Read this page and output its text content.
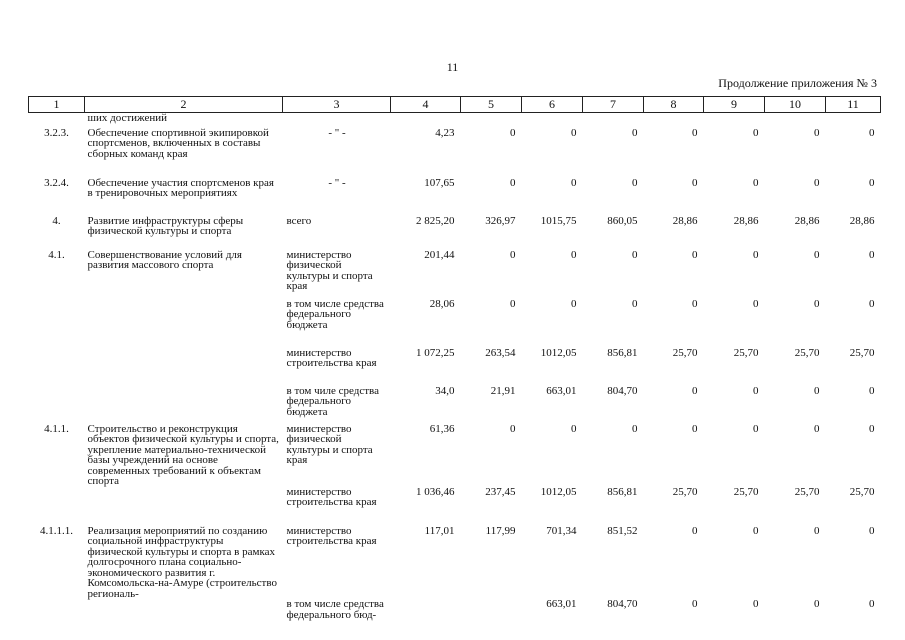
11
Продолжение приложения № 3
1	2	3	4	5	6	7	8	9	10	11
	ших достижений									
3.2.3.	Обеспечение спортивной экипировкой спортсменов, включенных в составы сборных команд края	- " -	4,23	0	0	0	0	0	0	0
3.2.4.	Обеспечение участия спортсменов края в тренировочных мероприятиях	- " -	107,65	0	0	0	0	0	0	0
4.	Развитие инфраструктуры сферы физической культуры и спорта	всего	2 825,20	326,97	1015,75	860,05	28,86	28,86	28,86	28,86
4.1.	Совершенствование условий для развития массового спорта	министерство физической культуры и спорта края	201,44	0	0	0	0	0	0	0
		в том числе средства федерального бюджета	28,06	0	0	0	0	0	0	0
		министерство строительства края	1 072,25	263,54	1012,05	856,81	25,70	25,70	25,70	25,70
		в том чиле средства федерального бюджета	34,0	21,91	663,01	804,70	0	0	0	0
4.1.1.	Строительство и реконструкция объектов физической культуры и спорта, укрепление материально-технической базы учреждений на основе современных требований к объектам спорта	министерство физической культуры и спорта края	61,36	0	0	0	0	0	0	0
		министерство строительства края	1 036,46	237,45	1012,05	856,81	25,70	25,70	25,70	25,70
4.1.1.1.	Реализация мероприятий по созданию социальной инфраструктуры физической культуры и спорта в рамках долгосрочного плана социально-экономического развития г. Комсомольска-на-Амуре (строительство региональ-	министерство строительства края	117,01	117,99	701,34	851,52	0	0	0	0
		в том числе средства федерального бюд-			663,01	804,70	0	0	0	0
